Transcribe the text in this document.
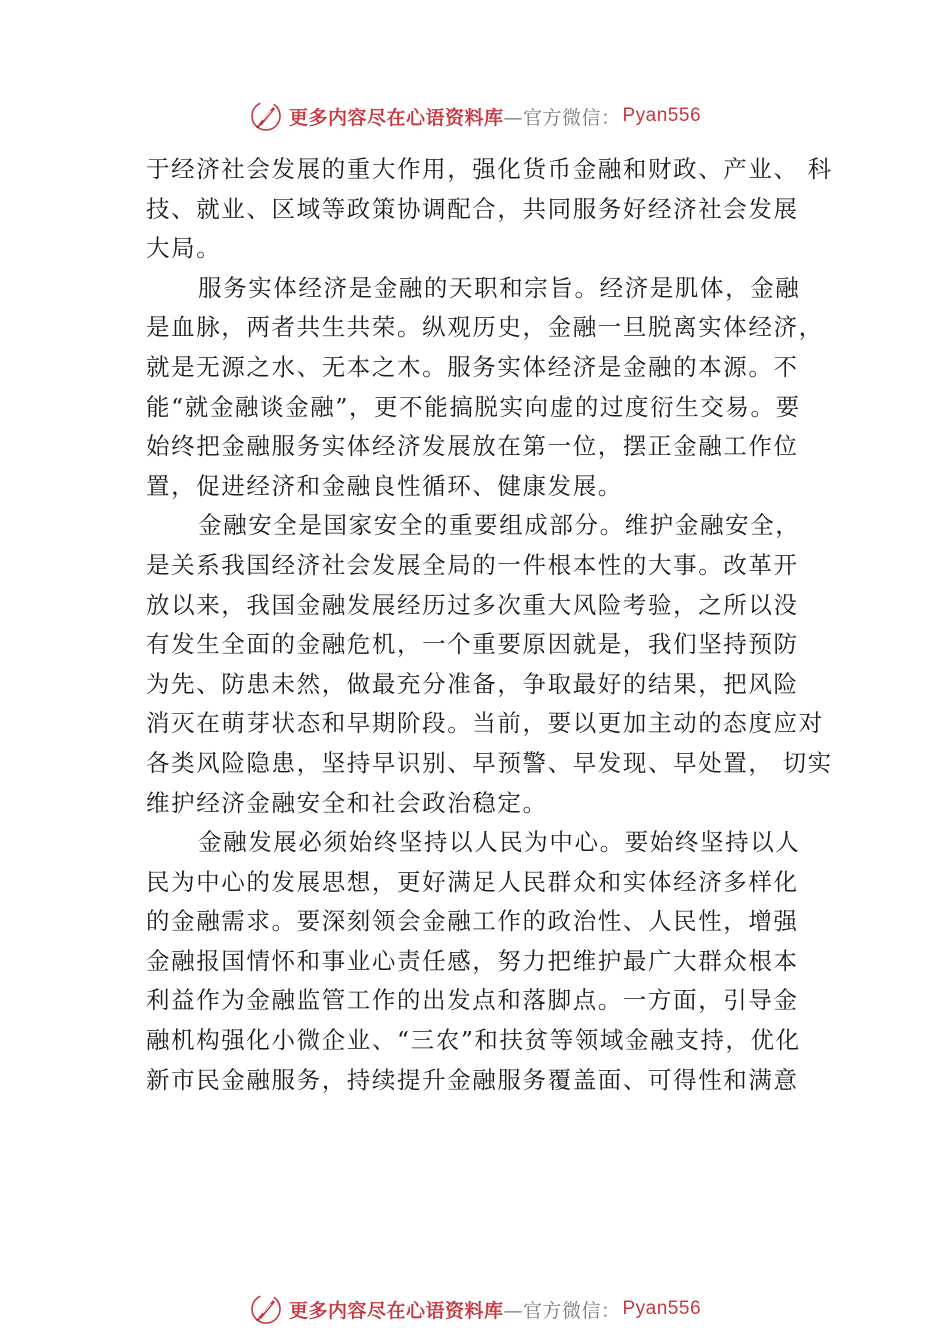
更多内容尽在心语资料库 —官方微信： Pyan556
于经济社会发展的重大作用，强化货币金融和财政、产业、 科
技、就业、区域等政策协调配合，共同服务好经济社会发展
大局。
服务实体经济是金融的天职和宗旨。经济是肌体，金融
是血脉，两者共生共荣。纵观历史，金融一旦脱离实体经济，
就是无源之水、无本之木。服务实体经济是金融的本源。不
能“就金融谈金融”，更不能搞脱实向虚的过度衍生交易。要
始终把金融服务实体经济发展放在第一位，摆正金融工作位
置，促进经济和金融良性循环、健康发展。
金融安全是国家安全的重要组成部分。维护金融安全，
是关系我国经济社会发展全局的一件根本性的大事。改革开
放以来，我国金融发展经历过多次重大风险考验，之所以没
有发生全面的金融危机，一个重要原因就是，我们坚持预防
为先、防患未然，做最充分准备，争取最好的结果，把风险
消灭在萌芽状态和早期阶段。当前，要以更加主动的态度应对
各类风险隐患，坚持早识别、早预警、早发现、早处置， 切实
维护经济金融安全和社会政治稳定。
金融发展必须始终坚持以人民为中心。要始终坚持以人
民为中心的发展思想，更好满足人民群众和实体经济多样化
的金融需求。要深刻领会金融工作的政治性、人民性，增强
金融报国情怀和事业心责任感，努力把维护最广大群众根本
利益作为金融监管工作的出发点和落脚点。一方面，引导金
融机构强化小微企业、“三农”和扶贫等领域金融支持，优化
新市民金融服务，持续提升金融服务覆盖面、可得性和满意
更多内容尽在心语资料库 —官方微信： Pyan556
